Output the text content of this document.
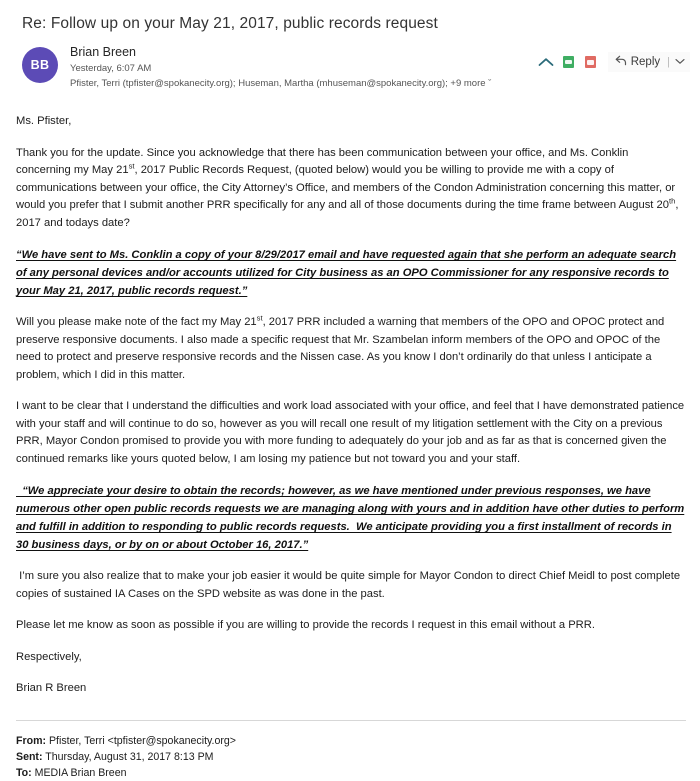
Re: Follow up on your May 21, 2017, public records request
BB
Brian Breen
Yesterday, 6:07 AM
Pfister, Terri (tpfister@spokanecity.org); Huseman, Martha (mhuseman@spokanecity.org); +9 more ˇ
Reply |

Ms. Pfister,

Thank you for the update. Since you acknowledge that there has been communication between your office, and Ms. Conklin concerning my May 21st, 2017 Public Records Request, (quoted below) would you be willing to provide me with a copy of communications between your office, the City Attorney’s Office, and members of the Condon Administration concerning this matter, or would you prefer that I submit another PRR specifically for any and all of those documents during the time frame between August 20th, 2017 and todays date?

“We have sent to Ms. Conklin a copy of your 8/29/2017 email and have requested again that she perform an adequate search of any personal devices and/or accounts utilized for City business as an OPO Commissioner for any responsive records to your May 21, 2017, public records request.”

Will you please make note of the fact my May 21st, 2017 PRR included a warning that members of the OPO and OPOC protect and preserve responsive documents. I also made a specific request that Mr. Szambelan inform members of the OPO and OPOC of the need to protect and preserve responsive records and the Nissen case. As you know I don’t ordinarily do that unless I anticipate a problem, which I did in this matter.

I want to be clear that I understand the difficulties and work load associated with your office, and feel that I have demonstrated patience with your staff and will continue to do so, however as you will recall one result of my litigation settlement with the City on a previous PRR, Mayor Condon promised to provide you with more funding to adequately do your job and as far as that is concerned given the continued remarks like yours quoted below, I am losing my patience but not toward you and your staff.

“We appreciate your desire to obtain the records; however, as we have mentioned under previous responses, we have numerous other open public records requests we are managing along with yours and in addition have other duties to perform and fulfill in addition to responding to public records requests.  We anticipate providing you a first installment of records in 30 business days, or by on or about October 16, 2017.”

I’m sure you also realize that to make your job easier it would be quite simple for Mayor Condon to direct Chief Meidl to post complete copies of sustained IA Cases on the SPD website as was done in the past.

Please let me know as soon as possible if you are willing to provide the records I request in this email without a PRR.

Respectively,

Brian R Breen

From: Pfister, Terri <tpfister@spokanecity.org>
Sent: Thursday, August 31, 2017 8:13 PM
To: MEDIA Brian Breen
